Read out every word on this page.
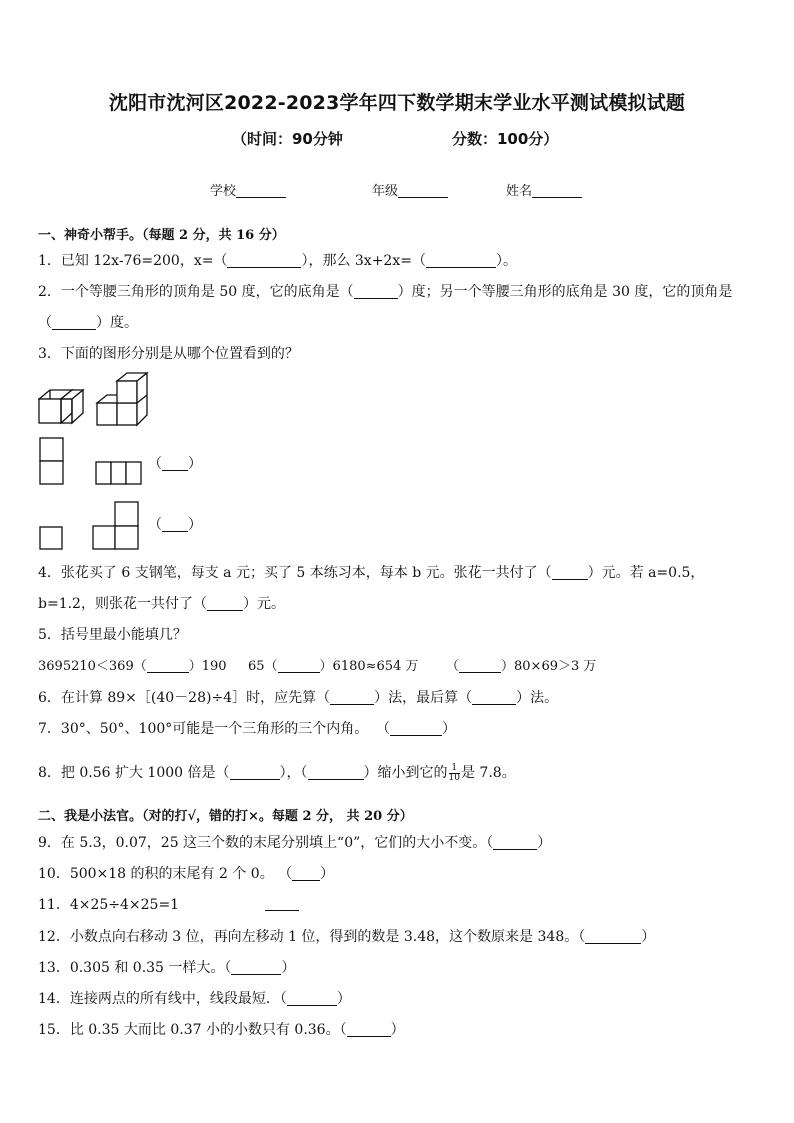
沈阳市沈河区2022-2023学年四下数学期末学业水平测试模拟试题
（时间：90分钟	分数：100分）
学校	年级	姓名
一、神奇小帮手。（每题 2 分，共 16 分）
1．已知 12x-76=200，x=（	），那么 3x+2x=（	）。
2．一个等腰三角形的顶角是 50 度，它的底角是（	）度；另一个等腰三角形的底角是 30 度，它的顶角是
（	）度。
3．下面的图形分别是从哪个位置看到的？
（ ）
（ ）
4．张花买了 6 支钢笔，每支 a 元；买了 5 本练习本，每本 b 元。张花一共付了（	）元。若 a=0.5，
b=1.2，则张花一共付了（	）元。
5．括号里最小能填几？
3695210＜369（	）190 65（	）6180≈654 万 （	）80×69＞3 万
6．在计算 89×［(40－28)÷4］时，应先算（	）法，最后算（	）法。
7．30°、50°、100°可能是一个三角形的三个内角。 （	）
8．把 0.56 扩大 1000 倍是（	），（	）缩小到它的 $\frac{1}{10}$ 是 7.8。
二、我是小法官。（对的打√，错的打×。每题 2 分， 共 20 分）
9．在 5.3，0.07，25 这三个数的末尾分别填上“0”，它们的大小不变。（	）
10．500×18 的积的末尾有 2 个 0。 （ ）
11．4×25÷4×25=1
12．小数点向右移动 3 位，再向左移动 1 位，得到的数是 3.48，这个数原来是 348。（	）
13．0.305 和 0.35 一样大。（	）
14．连接两点的所有线中，线段最短．（	）
15．比 0.35 大而比 0.37 小的小数只有 0.36。（	）
